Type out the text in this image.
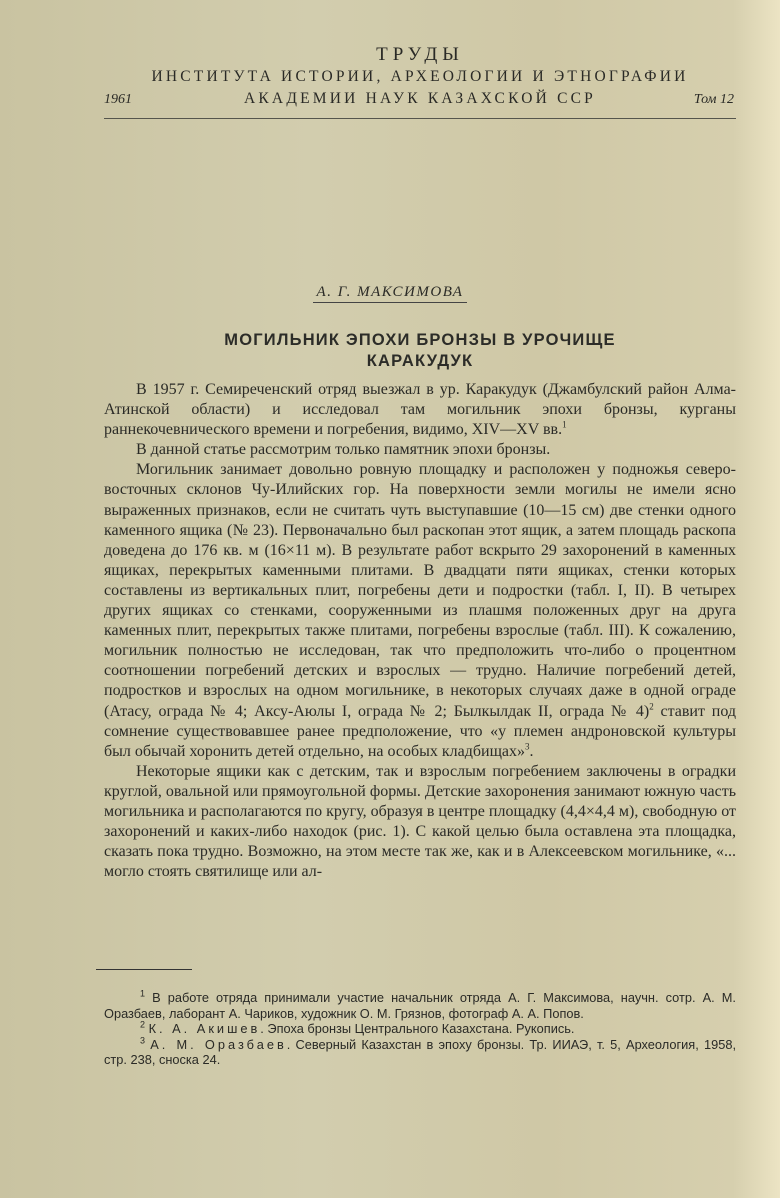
ТРУДЫ
ИНСТИТУТА ИСТОРИИ, АРХЕОЛОГИИ И ЭТНОГРАФИИ
АКАДЕМИИ НАУК КАЗАХСКОЙ ССР
1961	Том 12
А. Г. МАКСИМОВА
МОГИЛЬНИК ЭПОХИ БРОНЗЫ В УРОЧИЩЕ
КАРАКУДУК

В 1957 г. Семиреченский отряд выезжал в ур. Каракудук (Джамбулский район Алма-Атинской области) и исследовал там могильник эпохи бронзы, курганы раннекочевнического времени и погребения, видимо, XIV—XV вв.$^1$

В данной статье рассмотрим только памятник эпохи бронзы.

Могильник занимает довольно ровную площадку и расположен у подножья северо-восточных склонов Чу-Илийских гор. На поверхности земли могилы не имели ясно выраженных признаков, если не считать чуть выступавшие (10—15 см) две стенки одного каменного ящика (№ 23). Первоначально был раскопан этот ящик, а затем площадь раскопа доведена до 176 кв. м (16×11 м). В результате работ вскрыто 29 захоронений в каменных ящиках, перекрытых каменными плитами. В двадцати пяти ящиках, стенки которых составлены из вертикальных плит, погребены дети и подростки (табл. I, II). В четырех других ящиках со стенками, сооруженными из плашмя положенных друг на друга каменных плит, перекрытых также плитами, погребены взрослые (табл. III). К сожалению, могильник полностью не исследован, так что предположить что-либо о процентном соотношении погребений детских и взрослых — трудно. Наличие погребений детей, подростков и взрослых на одном могильнике, в некоторых случаях даже в одной ограде (Атасу, ограда № 4; Аксу-Аюлы I, ограда № 2; Былкылдак II, ограда № 4)$^2$ ставит под сомнение существовавшее ранее предположение, что «у племен андроновской культуры был обычай хоронить детей отдельно, на особых кладбищах»$^3$.

Некоторые ящики как с детским, так и взрослым погребением заключены в оградки круглой, овальной или прямоугольной формы. Детские захоронения занимают южную часть могильника и располагаются по кругу, образуя в центре площадку (4,4×4,4 м), свободную от захоронений и каких-либо находок (рис. 1). С какой целью была оставлена эта площадка, сказать пока трудно. Возможно, на этом месте так же, как и в Алексеевском могильнике, «... могло стоять святилище или ал-

$^1$ В работе отряда принимали участие начальник отряда А. Г. Максимова, научн. сотр. А. М. Оразбаев, лаборант А. Чариков, художник О. М. Грязнов, фотограф А. А. Попов.

$^2$ К. А. Акишев. Эпоха бронзы Центрального Казахстана. Рукопись.

$^3$ А. М. Оразбаев. Северный Казахстан в эпоху бронзы. Тр. ИИАЭ, т. 5, Археология, 1958, стр. 238, сноска 24.
